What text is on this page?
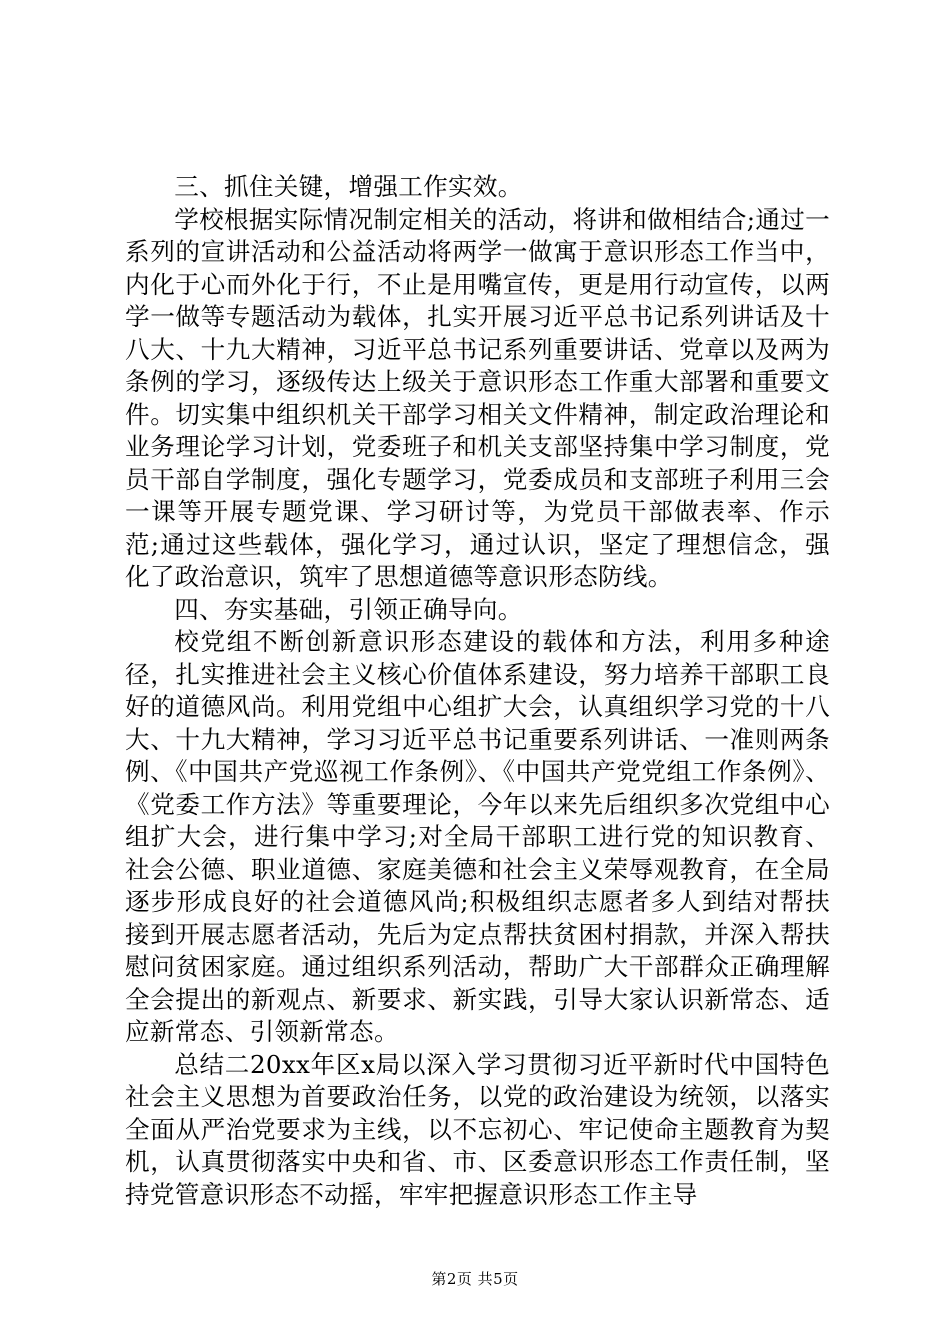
三、抓住关键，增强工作实效。

学校根据实际情况制定相关的活动，将讲和做相结合;通过一系列的宣讲活动和公益活动将两学一做寓于意识形态工作当中，内化于心而外化于行，不止是用嘴宣传，更是用行动宣传，以两学一做等专题活动为载体，扎实开展习近平总书记系列讲话及十八大、十九大精神，习近平总书记系列重要讲话、党章以及两为条例的学习，逐级传达上级关于意识形态工作重大部署和重要文件。切实集中组织机关干部学习相关文件精神，制定政治理论和业务理论学习计划，党委班子和机关支部坚持集中学习制度，党员干部自学制度，强化专题学习，党委成员和支部班子利用三会一课等开展专题党课、学习研讨等，为党员干部做表率、作示范;通过这些载体，强化学习，通过认识，坚定了理想信念，强化了政治意识，筑牢了思想道德等意识形态防线。

四、夯实基础，引领正确导向。

校党组不断创新意识形态建设的载体和方法，利用多种途径，扎实推进社会主义核心价值体系建设，努力培养干部职工良好的道德风尚。利用党组中心组扩大会，认真组织学习党的十八大、十九大精神，学习习近平总书记重要系列讲话、一准则两条例、《中国共产党巡视工作条例》、《中国共产党党组工作条例》、《党委工作方法》等重要理论，今年以来先后组织多次党组中心组扩大会，进行集中学习;对全局干部职工进行党的知识教育、社会公德、职业道德、家庭美德和社会主义荣辱观教育，在全局逐步形成良好的社会道德风尚;积极组织志愿者多人到结对帮扶接到开展志愿者活动，先后为定点帮扶贫困村捐款，并深入帮扶慰问贫困家庭。通过组织系列活动，帮助广大干部群众正确理解全会提出的新观点、新要求、新实践，引导大家认识新常态、适应新常态、引领新常态。

总结二20xx年区x局以深入学习贯彻习近平新时代中国特色社会主义思想为首要政治任务，以党的政治建设为统领，以落实全面从严治党要求为主线，以不忘初心、牢记使命主题教育为契机，认真贯彻落实中央和省、市、区委意识形态工作责任制，坚持党管意识形态不动摇，牢牢把握意识形态工作主导

第2页 共5页
